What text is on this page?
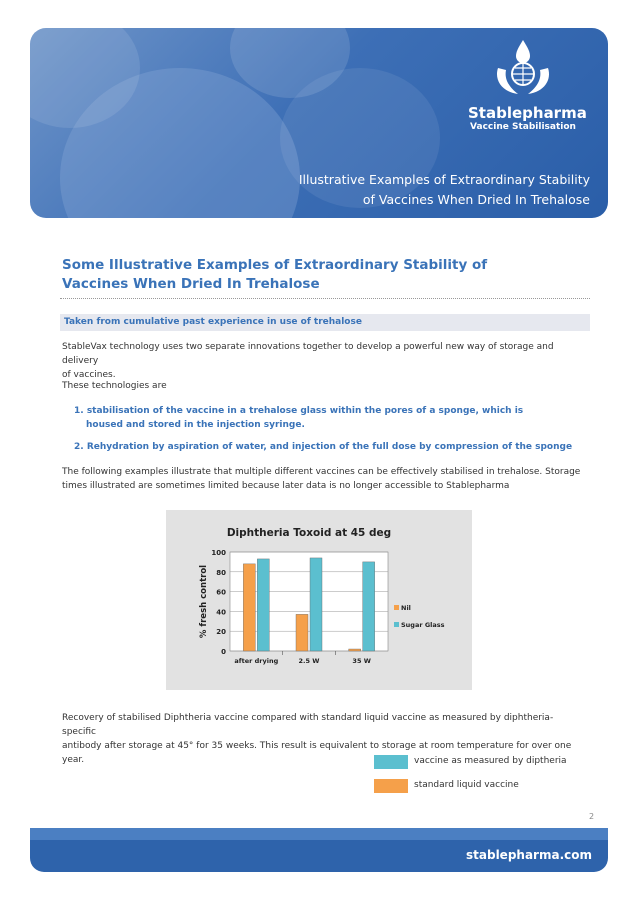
Stablepharma
Vaccine Stabilisation
Illustrative Examples of Extraordinary Stability
of Vaccines When Dried In Trehalose
Some Illustrative Examples of Extraordinary Stability of
Vaccines When Dried In Trehalose
Taken from cumulative past experience in use of trehalose
StableVax technology uses two separate innovations together to develop a powerful new way of storage and delivery
of vaccines.
These technologies are
1. stabilisation of the vaccine in a trehalose glass within the pores of a sponge, which is
housed and stored in the injection syringe.
2. Rehydration by aspiration of water, and injection of the full dose by compression of the sponge
The following examples illustrate that multiple different vaccines can be effectively stabilised in trehalose. Storage
times illustrated are sometimes limited because later data is no longer accessible to Stablepharma
Diphtheria Toxoid at 45 deg
% fresh control
0
20
40
60
80
100
after drying	2.5 W	35 W
Nil
Sugar Glass
Recovery of stabilised Diphtheria vaccine compared with standard liquid vaccine as measured by diphtheria-specific
antibody after storage at 45° for 35 weeks. This result is equivalent to storage at room temperature for over one year.	vaccine as measured by diptheria
standard liquid vaccine
2
stablepharma.com
